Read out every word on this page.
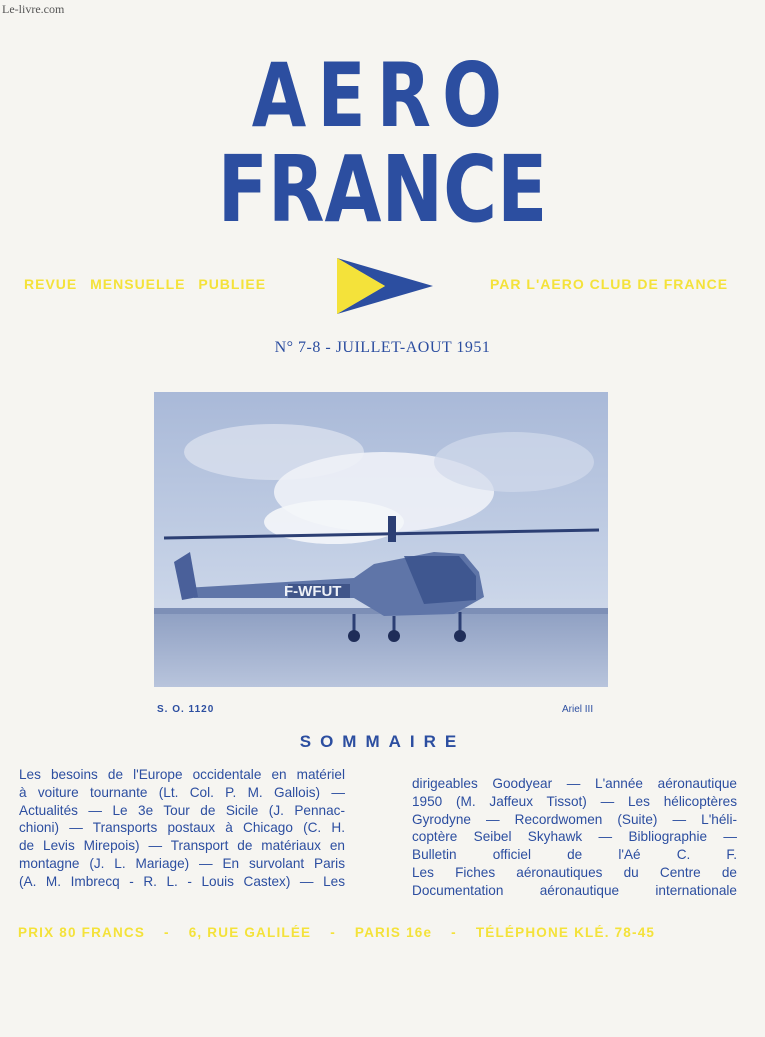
Le-livre.com
AERO
FRANCE
REVUE MENSUELLE PUBLIEE	PAR L'AERO CLUB DE FRANCE
N° 7-8 - JUILLET-AOUT 1951
F-WFUT
S. O. 1120	Ariel III
SOMMAIRE
Les besoins de l'Europe occidentale en matériel
à voiture tournante (Lt. Col. P. M. Gallois) —
Actualités — Le 3e Tour de Sicile (J. Pennac-
chioni) — Transports postaux à Chicago (C. H.
de Levis Mirepois) — Transport de matériaux en
montagne (J. L. Mariage) — En survolant Paris
(A. M. Imbrecq - R. L. - Louis Castex) — Les
dirigeables Goodyear — L'année aéronautique
1950 (M. Jaffeux Tissot) — Les hélicoptères
Gyrodyne — Recordwomen (Suite) — L'héli-
coptère Seibel Skyhawk — Bibliographie —
Bulletin officiel de l'Aé C. F.
Les Fiches aéronautiques du Centre de
Documentation aéronautique internationale
PRIX 80 FRANCS - 6, RUE GALILÉE - PARIS 16e - TÉLÉPHONE KLÉ. 78-45
